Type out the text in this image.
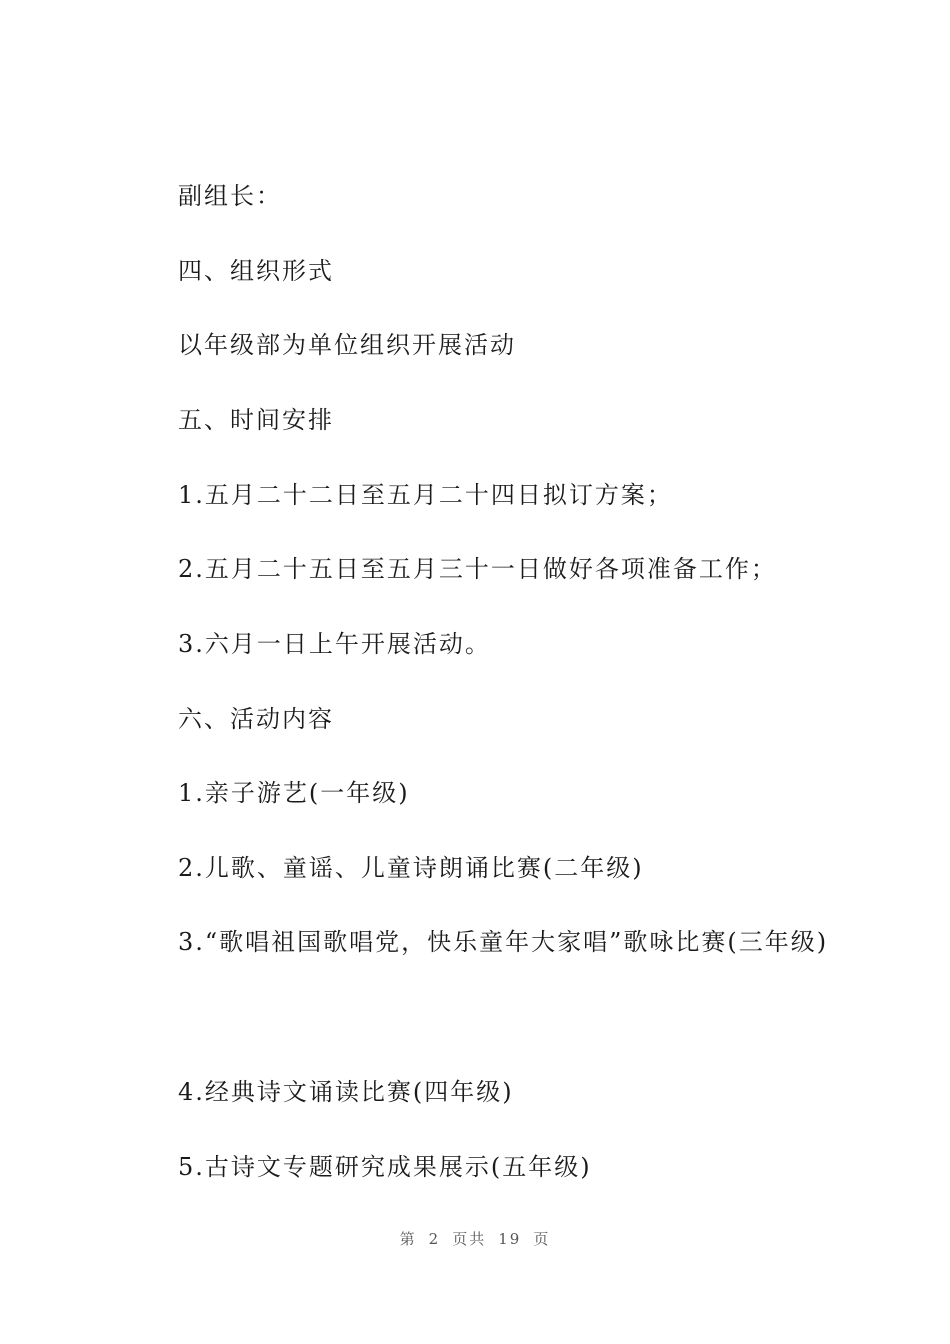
副组长：
四、组织形式
以年级部为单位组织开展活动
五、时间安排
1.五月二十二日至五月二十四日拟订方案；
2.五月二十五日至五月三十一日做好各项准备工作；
3.六月一日上午开展活动。
六、活动内容
1.亲子游艺(一年级)
2.儿歌、童谣、儿童诗朗诵比赛(二年级)
3.“歌唱祖国歌唱党，快乐童年大家唱”歌咏比赛(三年级)
4.经典诗文诵读比赛(四年级)
5.古诗文专题研究成果展示(五年级)
第 2 页共 19 页
